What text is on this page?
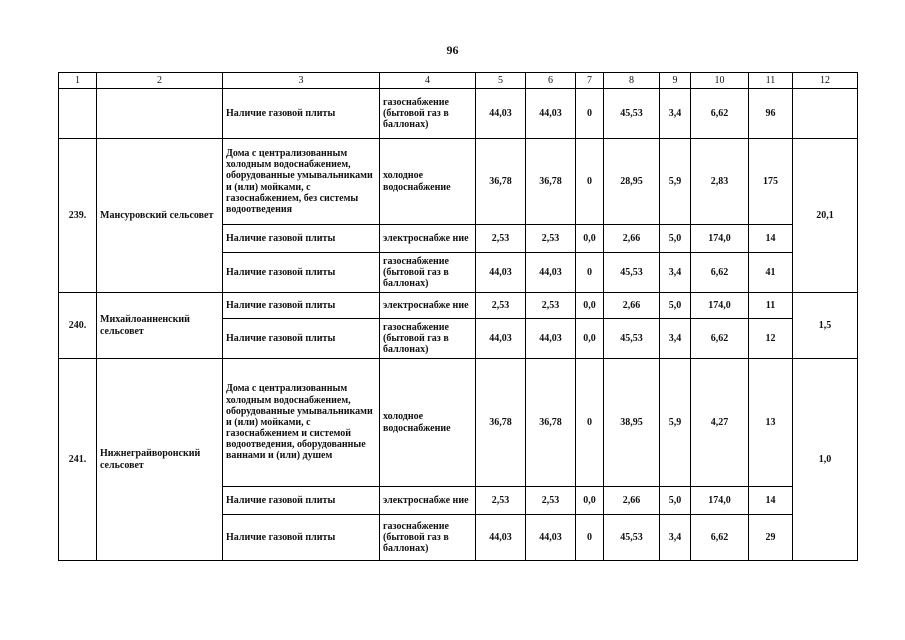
96
1	2	3	4	5	6	7	8	9	10	11	12
		Наличие газовой плиты	газоснабжение (бытовой газ в баллонах)	44,03	44,03	0	45,53	3,4	6,62	96	
239.	Мансуровский сельсовет	Дома с централизованным холодным водоснабжением, оборудованные умывальниками и (или) мойками, с газоснабжением, без системы водоотведения	холодное водоснабжение	36,78	36,78	0	28,95	5,9	2,83	175	20,1
		Наличие газовой плиты	электроснабже ние	2,53	2,53	0,0	2,66	5,0	174,0	14	
		Наличие газовой плиты	газоснабжение (бытовой газ в баллонах)	44,03	44,03	0	45,53	3,4	6,62	41	
240.	Михайлоанненский сельсовет	Наличие газовой плиты	электроснабже ние	2,53	2,53	0,0	2,66	5,0	174,0	11	1,5
		Наличие газовой плиты	газоснабжение (бытовой газ в баллонах)	44,03	44,03	0,0	45,53	3,4	6,62	12	
241.	Нижнеграйворонский сельсовет	Дома с централизованным холодным водоснабжением, оборудованные умывальниками и (или) мойками, с газоснабжением и системой водоотведения, оборудованные ваннами и (или) душем	холодное водоснабжение	36,78	36,78	0	38,95	5,9	4,27	13	1,0
		Наличие газовой плиты	электроснабже ние	2,53	2,53	0,0	2,66	5,0	174,0	14	
		Наличие газовой плиты	газоснабжение (бытовой газ в баллонах)	44,03	44,03	0	45,53	3,4	6,62	29	
